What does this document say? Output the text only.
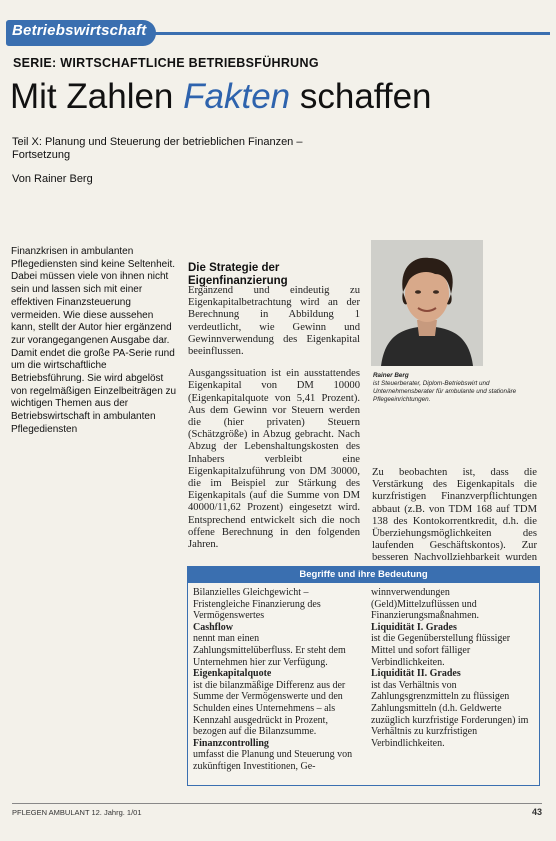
Betriebswirtschaft
SERIE: WIRTSCHAFTLICHE BETRIEBSFÜHRUNG
Mit Zahlen Fakten schaffen
Teil X: Planung und Steuerung der betrieblichen Finanzen – Fortsetzung
Von Rainer Berg
Finanzkrisen in ambulanten Pflegediensten sind keine Seltenheit. Dabei müssen viele von ihnen nicht sein und lassen sich mit einer effektiven Finanzsteuerung vermeiden. Wie diese aussehen kann, stellt der Autor hier ergänzend zur vorangegangenen Ausgabe dar. Damit endet die große PA-Serie rund um die wirtschaftliche Betriebsführung. Sie wird abgelöst von regelmäßigen Einzelbeiträgen zu wichtigen Themen aus der Betriebswirtschaft in ambulanten Pflegediensten
Die Strategie der Eigenfinanzierung

Ergänzend und eindeutig zu Eigenkapitalbetrachtung wird an der Berechnung in Abbildung 1 verdeutlicht, wie Gewinn und Gewinnverwendung des Eigenkapital beeinflussen.

Ausgangssituation ist ein ausstattendes Eigenkapital von DM 10000 (Eigenkapitalquote von 5,41 Prozent). Aus dem Gewinn vor Steuern werden die (hier privaten) Steuern (Schätzgröße) in Abzug gebracht. Nach Abzug der Lebenshaltungskosten des Inhabers verbleibt eine Eigenkapitalzuführung von DM 30000, die im Beispiel zur Stärkung des Eigenkapitals (auf die Summe von DM 40000/11,62 Prozent) eingesetzt wird. Entsprechend entwickelt sich die noch offene Berechnung in den folgenden Jahren.

Rainer Berg
ist Steuerberater, Diplom-Betriebswirt und Unternehmensberater für ambulante und stationäre Pflegeeinrichtungen.
Zu beobachten ist, dass die Verstärkung des Eigenkapitals die kurzfristigen Finanzverpflichtungen abbaut (z.B. von TDM 168 auf TDM 138 des Kontokorrentkredit, d.h. die Überziehungsmöglichkeiten des laufenden Geschäftskontos). Zur besseren Nachvollziehbarkeit wurden
Begriffe und ihre Bedeutung
Bilanzielles Gleichgewicht – Fristengleiche Finanzierung des Vermögenswertes
Cashflow
nennt man einen Zahlungsmittelüberfluss. Er steht dem Unternehmen hier zur Verfügung.
Eigenkapitalquote
ist die bilanzmäßige Differenz aus der Summe der Vermögenswerte und den Schulden eines Unternehmens – als Kennzahl ausgedrückt in Prozent, bezogen auf die Bilanzsumme.
Finanzcontrolling
umfasst die Planung und Steuerung von zukünftigen Investitionen, Ge-
winnverwendungen (Geld)Mittelzuflüssen und Finanzierungsmaßnahmen.
Liquidität I. Grades
ist die Gegenüberstellung flüssiger Mittel und sofort fälliger Verbindlichkeiten.
Liquidität II. Grades
ist das Verhältnis von Zahlungsgrenzmitteln zu flüssigen Zahlungsmitteln (d.h. Geldwerte zuzüglich kurzfristige Forderungen) im Verhältnis zu kurzfristigen Verbindlichkeiten.
PFLEGEN AMBULANT 12. Jahrg. 1/01	43
